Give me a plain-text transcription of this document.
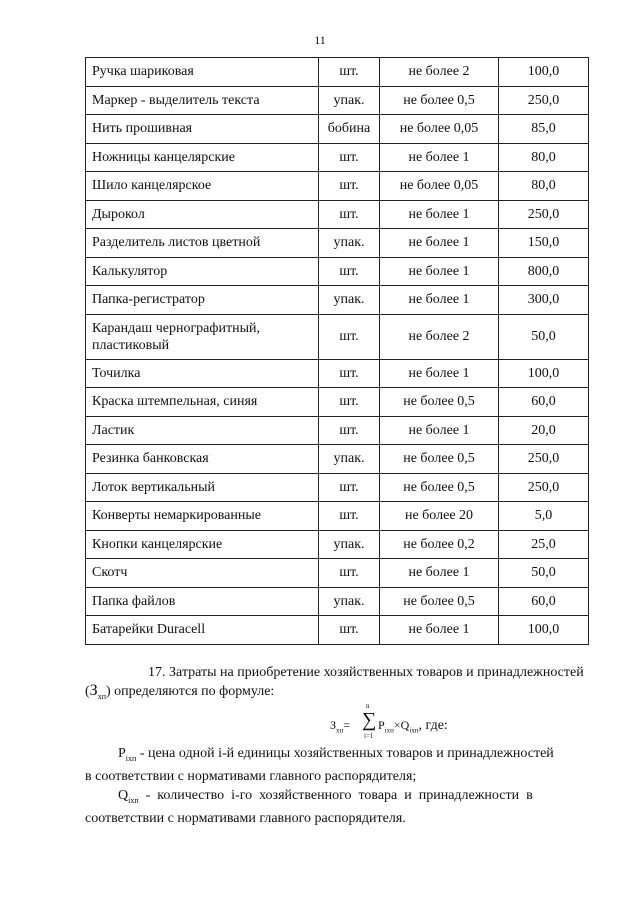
11
Ручка шариковая	шт.	не более 2	100,0
Маркер - выделитель текста	упак.	не более 0,5	250,0
Нить прошивная	бобина	не более 0,05	85,0
Ножницы канцелярские	шт.	не более 1	80,0
Шило канцелярское	шт.	не более 0,05	80,0
Дырокол	шт.	не более 1	250,0
Разделитель листов цветной	упак.	не более 1	150,0
Калькулятор	шт.	не более 1	800,0
Папка-регистратор	упак.	не более 1	300,0
Карандаш чернографитный, пластиковый	шт.	не более 2	50,0
Точилка	шт.	не более 1	100,0
Краска штемпельная, синяя	шт.	не более 0,5	60,0
Ластик	шт.	не более 1	20,0
Резинка банковская	упак.	не более 0,5	250,0
Лоток вертикальный	шт.	не более 0,5	250,0
Конверты немаркированные	шт.	не более 20	5,0
Кнопки канцелярские	упак.	не более 0,2	25,0
Скотч	шт.	не более 1	50,0
Папка файлов	упак.	не более 0,5	60,0
Батарейки Duracell	шт.	не более 1	100,0
17. Затраты на приобретение хозяйственных товаров и принадлежностей
$(З_{хп})$ определяются по формуле:
$З_{хп}=$
n
∑
i=1
$P_{iхп}\times Q_{iхп}$, где:
$P_{iхп}$ - цена одной i-й единицы хозяйственных товаров и принадлежностей
в соответствии с нормативами главного распорядителя;
$Q_{iхп}$  -  количество  i-го  хозяйственного  товара  и  принадлежности  в
соответствии с нормативами главного распорядителя.
